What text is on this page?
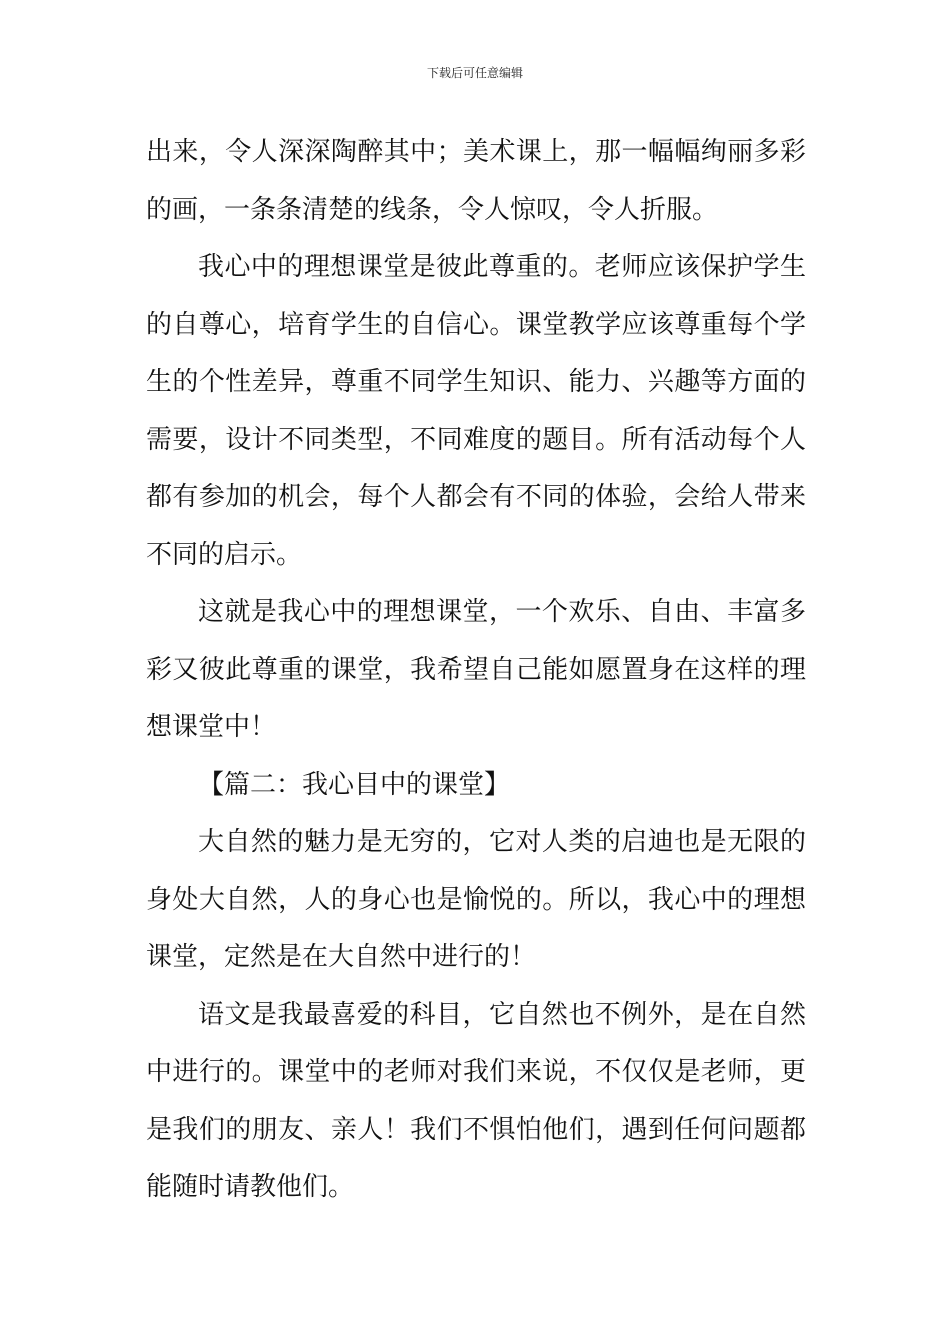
下载后可任意编辑

出来，令人深深陶醉其中；美术课上，那一幅幅绚丽多彩的画，一条条清楚的线条，令人惊叹，令人折服。

我心中的理想课堂是彼此尊重的。老师应该保护学生的自尊心，培育学生的自信心。课堂教学应该尊重每个学生的个性差异，尊重不同学生知识、能力、兴趣等方面的需要，设计不同类型，不同难度的题目。所有活动每个人都有参加的机会，每个人都会有不同的体验，会给人带来不同的启示。

这就是我心中的理想课堂，一个欢乐、自由、丰富多彩又彼此尊重的课堂，我希望自己能如愿置身在这样的理想课堂中！

【篇二：我心目中的课堂】

大自然的魅力是无穷的，它对人类的启迪也是无限的身处大自然，人的身心也是愉悦的。所以，我心中的理想课堂，定然是在大自然中进行的！

语文是我最喜爱的科目，它自然也不例外，是在自然中进行的。课堂中的老师对我们来说，不仅仅是老师，更是我们的朋友、亲人！我们不惧怕他们，遇到任何问题都能随时请教他们。
